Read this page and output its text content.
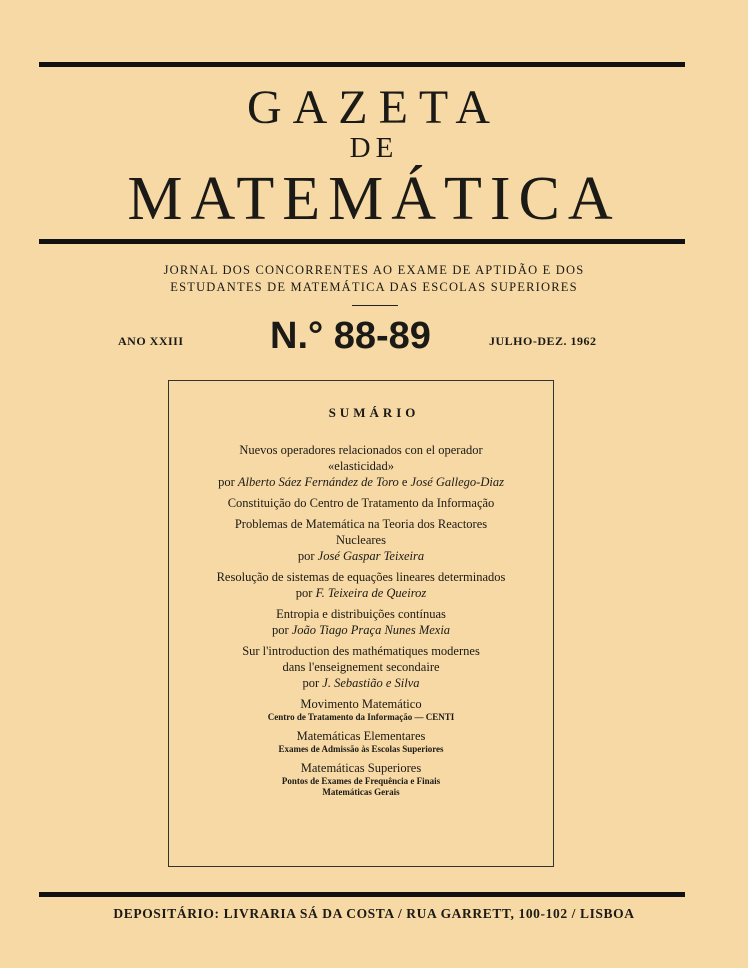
GAZETA
DE
MATEMÁTICA
JORNAL DOS CONCORRENTES AO EXAME DE APTIDÃO E DOS
ESTUDANTES DE MATEMÁTICA DAS ESCOLAS SUPERIORES
ANO XXIII N.° 88-89	JULHO-DEZ. 1962
SUMÁRIO
Nuevos operadores relacionados con el operador
«elasticidad»
por Alberto Sáez Fernández de Toro e José Gallego-Diaz
Constituição do Centro de Tratamento da Informação
Problemas de Matemática na Teoria dos Reactores
Nucleares
por José Gaspar Teixeira
Resolução de sistemas de equações lineares determinados
por F. Teixeira de Queiroz
Entropia e distribuições contínuas
por João Tiago Praça Nunes Mexia
Sur l'introduction des mathématiques modernes
dans l'enseignement secondaire
por J. Sebastião e Silva
Movimento Matemático
Centro de Tratamento da Informação — CENTI
Matemáticas Elementares
Exames de Admissão às Escolas Superiores
Matemáticas Superiores
Pontos de Exames de Frequência e Finais
Matemáticas Gerais
DEPOSITÁRIO: LIVRARIA SÁ DA COSTA / RUA GARRETT, 100-102 / LISBOA
